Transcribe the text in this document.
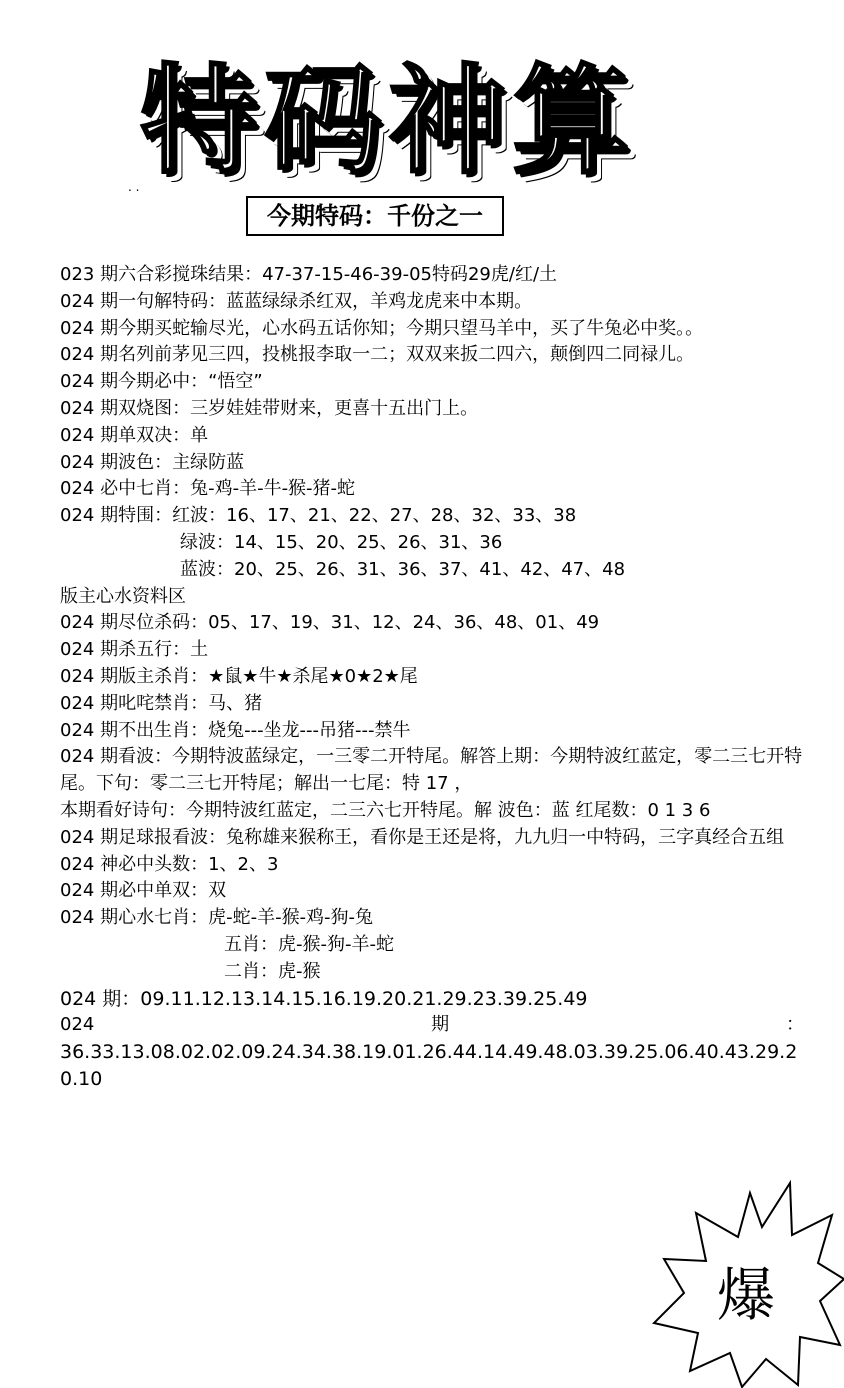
特码神算
. .
今期特码：千份之一
023 期六合彩搅珠结果：47-37-15-46-39-05特码29虎/红/土
024 期一句解特码：蓝蓝绿绿杀红双，羊鸡龙虎来中本期。
024 期今期买蛇输尽光，心水码五话你知；今期只望马羊中，买了牛兔必中奖。。
024 期名列前茅见三四，投桃报李取一二；双双来扳二四六，颠倒四二同禄儿。
024 期今期必中：“悟空”
024 期双烧图：三岁娃娃带财来，更喜十五出门上。
024 期单双决：单
024 期波色：主绿防蓝
024 必中七肖：兔-鸡-羊-牛-猴-猪-蛇
024 期特围：红波：16、17、21、22、27、28、32、33、38
绿波：14、15、20、25、26、31、36
蓝波：20、25、26、31、36、37、41、42、47、48
版主心水资料区
024 期尽位杀码：05、17、19、31、12、24、36、48、01、49
024 期杀五行：土
024 期版主杀肖：★鼠★牛★杀尾★0★2★尾
024 期叱咤禁肖：马、猪
024 期不出生肖：烧兔---坐龙---吊猪---禁牛
024 期看波：今期特波蓝绿定，一三零二开特尾。解答上期：今期特波红蓝定，零二三七开特尾。下句：零二三七开特尾；解出一七尾：特 17 ，
本期看好诗句：今期特波红蓝定，二三六七开特尾。解 波色：蓝 红尾数：0 1 3 6
024 期足球报看波：兔称雄来猴称王，看你是王还是将，九九归一中特码，三字真经合五组
024 神必中头数：1、2、3
024 期必中单双：双
024 期心水七肖：虎-蛇-羊-猴-鸡-狗-兔
五肖：虎-猴-狗-羊-蛇
二肖：虎-猴
024 期：09.11.12.13.14.15.16.19.20.21.29.23.39.25.49
024	期	：
36.33.13.08.02.02.09.24.34.38.19.01.26.44.14.49.48.03.39.25.06.40.43.29.20.10
爆
